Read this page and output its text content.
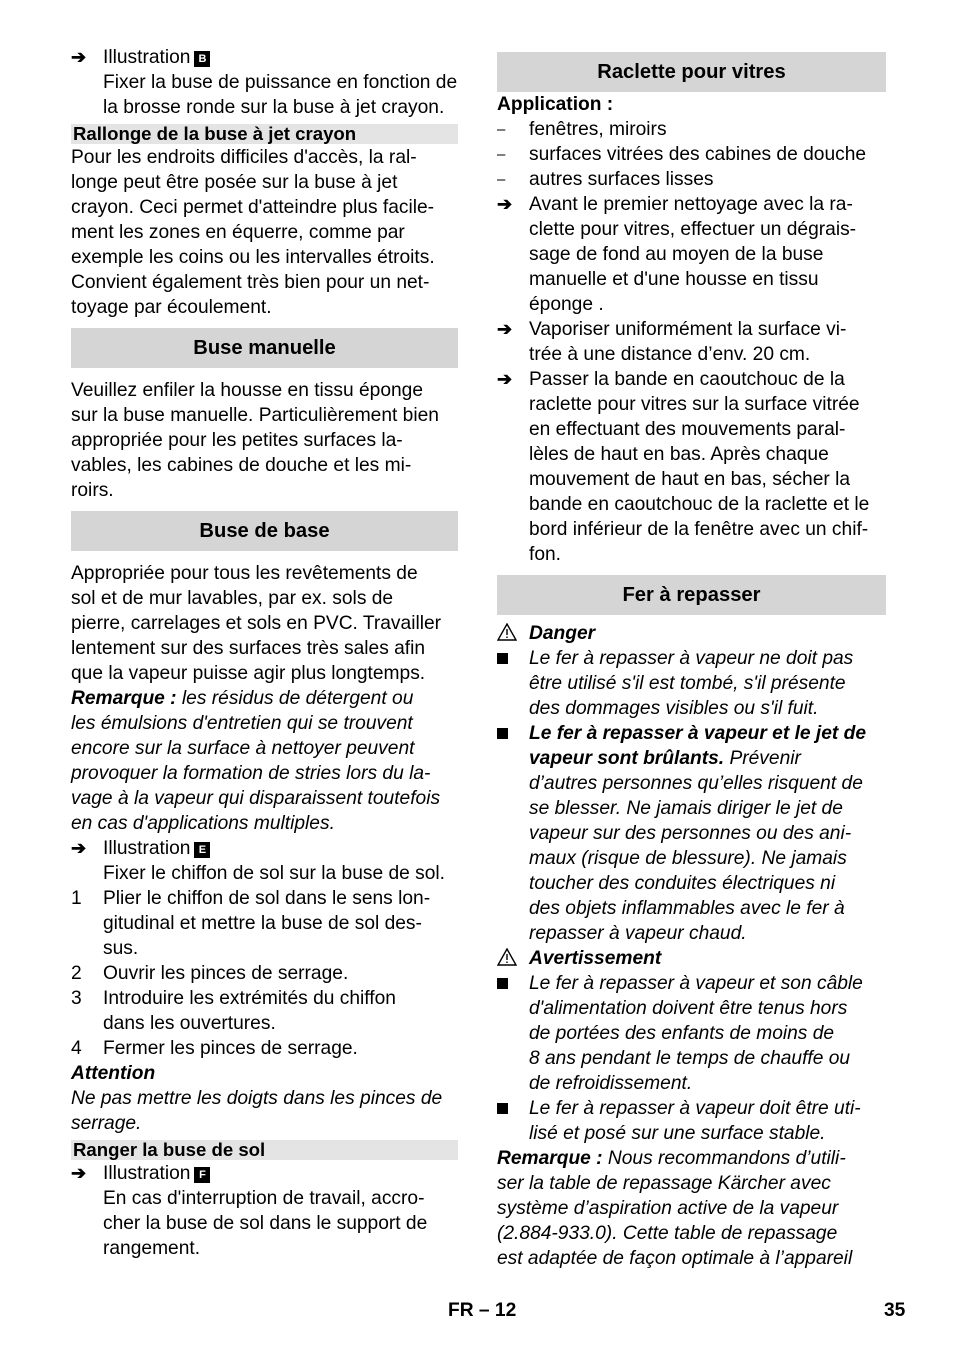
➔ Illustration B

Fixer la buse de puissance en fonction de la brosse ronde sur la buse à jet crayon.

Rallonge de la buse à jet crayon

Pour les endroits difficiles d'accès, la ral-

longe peut être posée sur la buse à jet

crayon. Ceci permet d'atteindre plus facile-

ment les zones en équerre, comme par

exemple les coins ou les intervalles étroits.

Convient également très bien pour un net-

toyage par écoulement.

Buse manuelle

Veuillez enfiler la housse en tissu éponge

sur la buse manuelle. Particulièrement bien

appropriée pour les petites surfaces la-

vables, les cabines de douche et les mi-

roirs.

Buse de base

Appropriée pour tous les revêtements de

sol et de mur lavables, par ex. sols de

pierre, carrelages et sols en PVC. Travailler

lentement sur des surfaces très sales afin

que la vapeur puisse agir plus longtemps.

Remarque : les résidus de détergent ou

les émulsions d'entretien qui se trouvent

encore sur la surface à nettoyer peuvent

provoquer la formation de stries lors du la-

vage à la vapeur qui disparaissent toutefois

en cas d'applications multiples.

➔ Illustration E

Fixer le chiffon de sol sur la buse de sol.

1	Plier le chiffon de sol dans le sens lon-

gitudinal et mettre la buse de sol des-

sus.

2	Ouvrir les pinces de serrage.

3	Introduire les extrémités du chiffon

dans les ouvertures.

4	Fermer les pinces de serrage.

Attention

Ne pas mettre les doigts dans les pinces de

serrage.

Ranger la buse de sol
➔ Illustration F

En cas d'interruption de travail, accro-

cher la buse de sol dans le support de

rangement.

Raclette pour vitres

Application :

–	fenêtres, miroirs
–	surfaces vitrées des cabines de douche
–	autres surfaces lisses
➔ Avant le premier nettoyage avec la ra-

clette pour vitres, effectuer un dégrais-

sage de fond au moyen de la buse

manuelle et d'une housse en tissu

éponge .

➔ Vaporiser uniformément la surface vi-

trée à une distance d’env. 20 cm.

➔ Passer la bande en caoutchouc de la

raclette pour vitres sur la surface vitrée

en effectuant des mouvements paral-

lèles de haut en bas. Après chaque

mouvement de haut en bas, sécher la

bande en caoutchouc de la raclette et le

bord inférieur de la fenêtre avec un chif-

fon.

Fer à repasser
Danger

Le fer à repasser à vapeur ne doit pas

être utilisé s'il est tombé, s'il présente

des dommages visibles ou s'il fuit.

Le fer à repasser à vapeur et le jet de

vapeur sont brûlants. Prévenir

d’autres personnes qu’elles risquent de

se blesser. Ne jamais diriger le jet de

vapeur sur des personnes ou des ani-

maux (risque de blessure). Ne jamais

toucher des conduites électriques ni

des objets inflammables avec le fer à

repasser à vapeur chaud.

Avertissement

Le fer à repasser à vapeur et son câble

d'alimentation doivent être tenus hors

de portées des enfants de moins de

8 ans pendant le temps de chauffe ou

de refroidissement.

Le fer à repasser à vapeur doit être uti-

lisé et posé sur une surface stable.

Remarque : Nous recommandons d’utili-

ser la table de repassage Kärcher avec

système d’aspiration active de la vapeur

(2.884-933.0). Cette table de repassage

est adaptée de façon optimale à l’appareil

FR – 12	35
